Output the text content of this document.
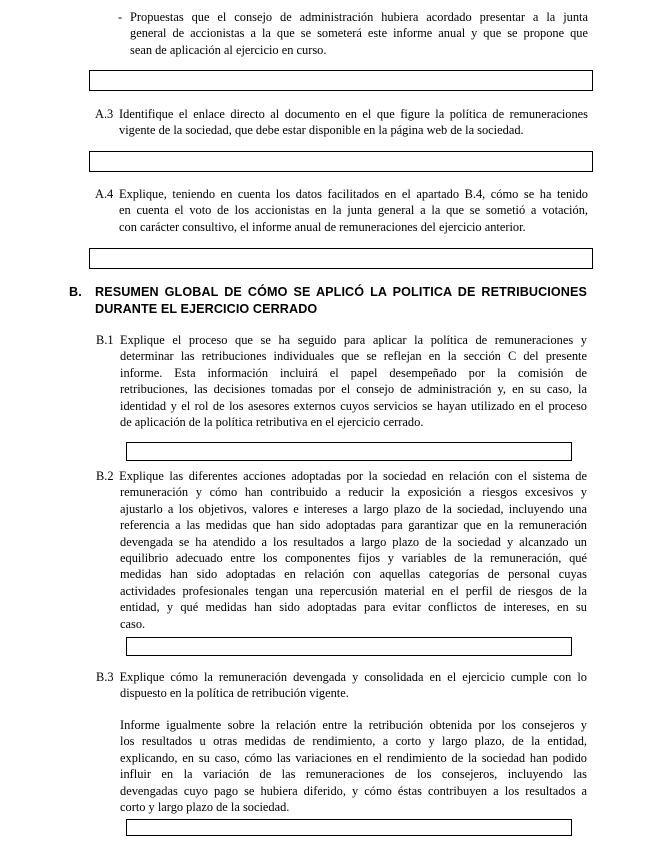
- Propuestas que el consejo de administración hubiera acordado presentar a la junta
general de accionistas a la que se someterá este informe anual y que se propone que
sean de aplicación al ejercicio en curso.
A.3 Identifique el enlace directo al documento en el que figure la política de remuneraciones
vigente de la sociedad, que debe estar disponible en la página web de la sociedad.
A.4 Explique, teniendo en cuenta los datos facilitados en el apartado B.4, cómo se ha tenido
en cuenta el voto de los accionistas en la junta general a la que se sometió a votación,
con carácter consultivo, el informe anual de remuneraciones del ejercicio anterior.
B. RESUMEN GLOBAL DE CÓMO SE APLICÓ LA POLITICA DE RETRIBUCIONES
DURANTE EL EJERCICIO CERRADO
B.1 Explique el proceso que se ha seguido para aplicar la política de remuneraciones y
determinar las retribuciones individuales que se reflejan en la sección C del presente
informe. Esta información incluirá el papel desempeñado por la comisión de
retribuciones, las decisiones tomadas por el consejo de administración y, en su caso, la
identidad y el rol de los asesores externos cuyos servicios se hayan utilizado en el proceso
de aplicación de la política retributiva en el ejercicio cerrado.
B.2 Explique las diferentes acciones adoptadas por la sociedad en relación con el sistema de
remuneración y cómo han contribuido a reducir la exposición a riesgos excesivos y
ajustarlo a los objetivos, valores e intereses a largo plazo de la sociedad, incluyendo una
referencia a las medidas que han sido adoptadas para garantizar que en la remuneración
devengada se ha atendido a los resultados a largo plazo de la sociedad y alcanzado un
equilibrio adecuado entre los componentes fijos y variables de la remuneración, qué
medidas han sido adoptadas en relación con aquellas categorías de personal cuyas
actividades profesionales tengan una repercusión material en el perfil de riesgos de la
entidad, y qué medidas han sido adoptadas para evitar conflictos de intereses, en su
caso.
B.3 Explique cómo la remuneración devengada y consolidada en el ejercicio cumple con lo
dispuesto en la política de retribución vigente.
Informe igualmente sobre la relación entre la retribución obtenida por los consejeros y
los resultados u otras medidas de rendimiento, a corto y largo plazo, de la entidad,
explicando, en su caso, cómo las variaciones en el rendimiento de la sociedad han podido
influir en la variación de las remuneraciones de los consejeros, incluyendo las
devengadas cuyo pago se hubiera diferido, y cómo éstas contribuyen a los resultados a
corto y largo plazo de la sociedad.
